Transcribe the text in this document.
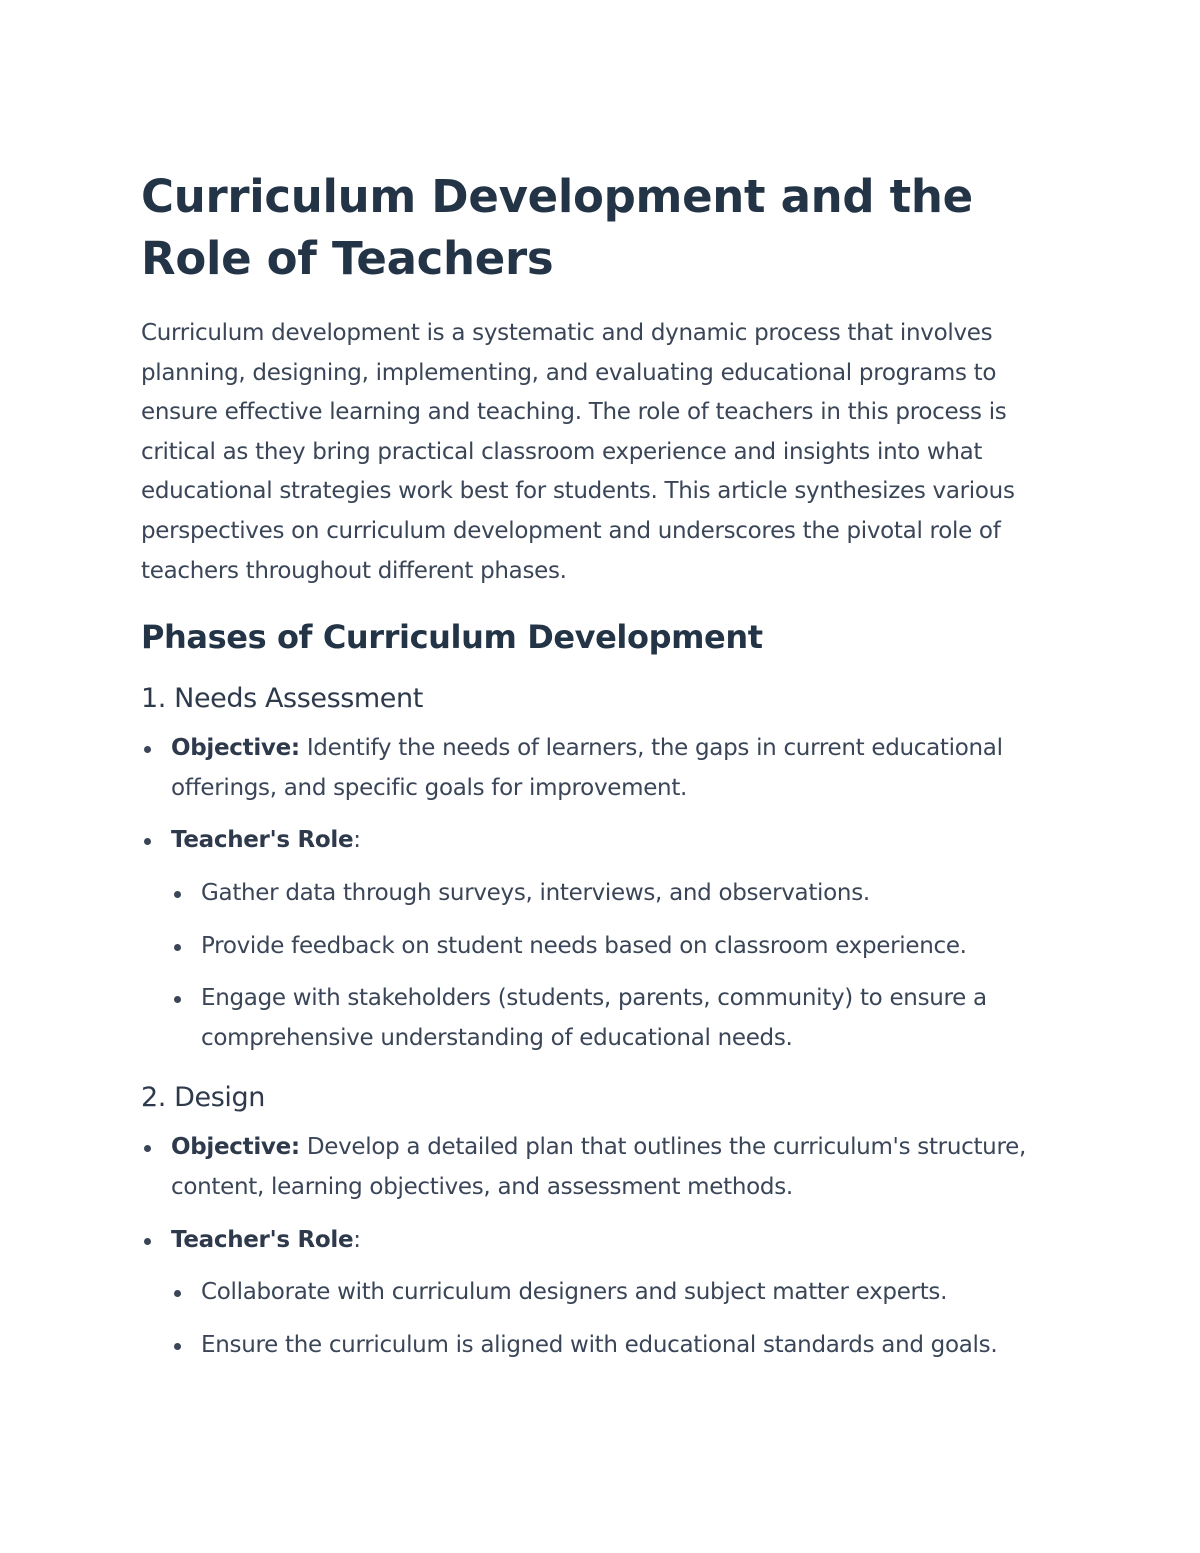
Curriculum Development and the Role of Teachers

Curriculum development is a systematic and dynamic process that involves planning, designing, implementing, and evaluating educational programs to ensure effective learning and teaching. The role of teachers in this process is critical as they bring practical classroom experience and insights into what educational strategies work best for students. This article synthesizes various perspectives on curriculum development and underscores the pivotal role of teachers throughout different phases.

Phases of Curriculum Development
1. Needs Assessment
Objective: Identify the needs of learners, the gaps in current educational offerings, and specific goals for improvement.
Teacher's Role:
Gather data through surveys, interviews, and observations.
Provide feedback on student needs based on classroom experience.
Engage with stakeholders (students, parents, community) to ensure a comprehensive understanding of educational needs.
2. Design
Objective: Develop a detailed plan that outlines the curriculum's structure, content, learning objectives, and assessment methods.
Teacher's Role:
Collaborate with curriculum designers and subject matter experts.
Ensure the curriculum is aligned with educational standards and goals.
